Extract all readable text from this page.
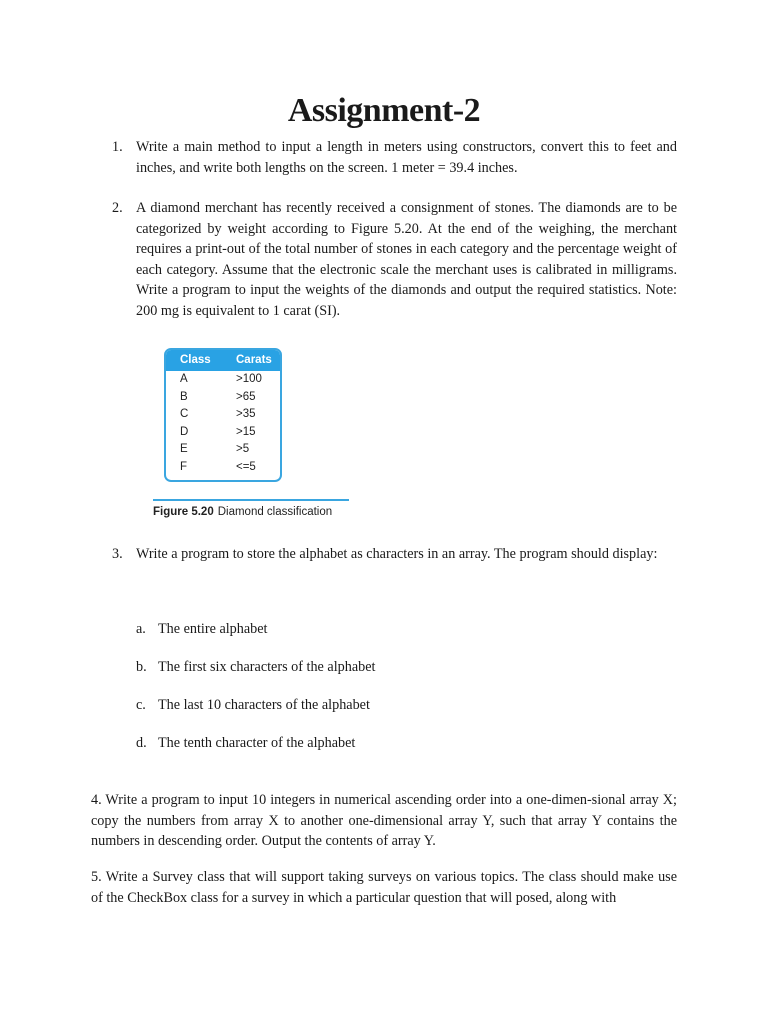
Assignment-2
1. Write a main method to input a length in meters using constructors, convert this to feet and inches, and write both lengths on the screen. 1 meter = 39.4 inches.

2. A diamond merchant has recently received a consignment of stones. The diamonds are to be categorized by weight according to Figure 5.20. At the end of the weighing, the merchant requires a print-out of the total number of stones in each category and the percentage weight of each category. Assume that the electronic scale the merchant uses is calibrated in milligrams. Write a program to input the weights of the diamonds and output the required statistics. Note: 200 mg is equivalent to 1 carat (SI).

Class	Carats
A	>100
B	>65
C	>35
D	>15
E	>5
F	<=5
Figure 5.20 Diamond classification
3. Write a program to store the alphabet as characters in an array. The program should display:

a. The entire alphabet
b. The first six characters of the alphabet
c. The last 10 characters of the alphabet
d. The tenth character of the alphabet

4. Write a program to input 10 integers in numerical ascending order into a one-dimen-sional array X; copy the numbers from array X to another one-dimensional array Y, such that array Y contains the numbers in descending order. Output the contents of array Y.

5. Write a Survey class that will support taking surveys on various topics. The class should make use of the CheckBox class for a survey in which a particular question that will posed, along with
